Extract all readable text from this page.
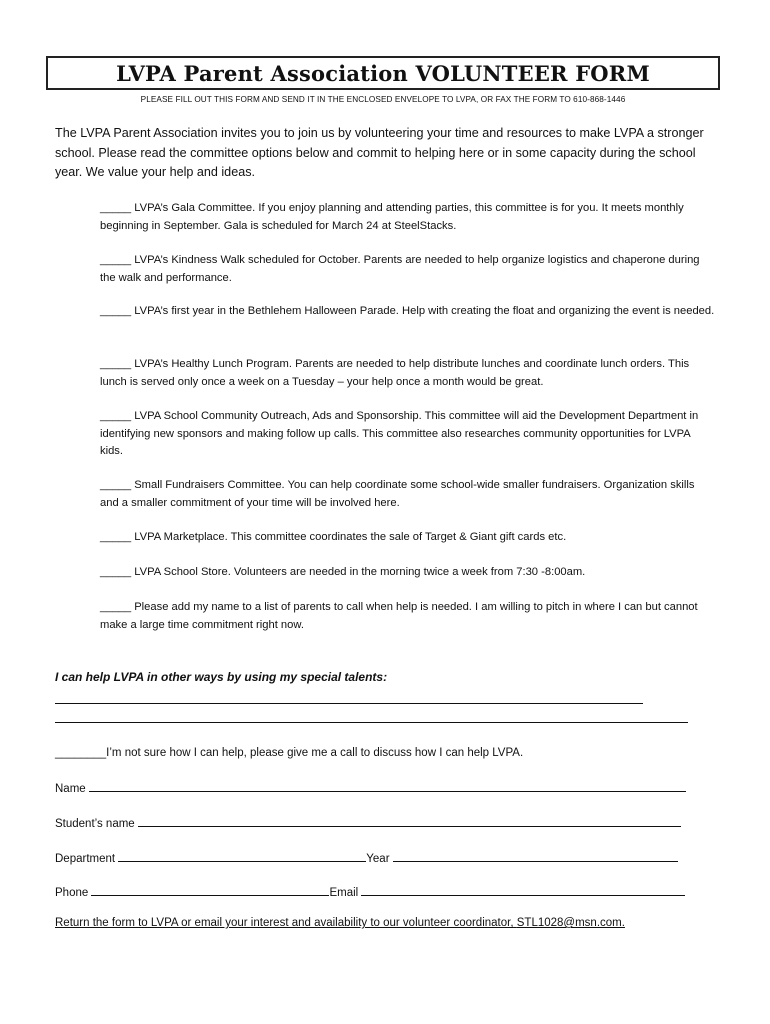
LVPA Parent Association VOLUNTEER FORM
PLEASE FILL OUT THIS FORM AND SEND IT IN THE ENCLOSED ENVELOPE TO LVPA, OR FAX THE FORM TO 610-868-1446

The LVPA Parent Association invites you to join us by volunteering your time and resources to make LVPA a stronger school. Please read the committee options below and commit to helping here or in some capacity during the school year. We value your help and ideas.

_____ LVPA’s Gala Committee. If you enjoy planning and attending parties, this committee is for you. It meets monthly beginning in September. Gala is scheduled for March 24 at SteelStacks.
_____ LVPA’s Kindness Walk scheduled for October. Parents are needed to help organize logistics and chaperone during the walk and performance.
_____ LVPA’s first year in the Bethlehem Halloween Parade. Help with creating the float and organizing the event is needed.
_____ LVPA’s Healthy Lunch Program. Parents are needed to help distribute lunches and coordinate lunch orders. This lunch is served only once a week on a Tuesday – your help once a month would be great.
_____ LVPA School Community Outreach, Ads and Sponsorship. This committee will aid the Development Department in identifying new sponsors and making follow up calls. This committee also researches community opportunities for LVPA kids.
_____ Small Fundraisers Committee. You can help coordinate some school-wide smaller fundraisers. Organization skills and a smaller commitment of your time will be involved here.
_____ LVPA Marketplace. This committee coordinates the sale of Target & Giant gift cards etc.
_____ LVPA School Store. Volunteers are needed in the morning twice a week from 7:30 -8:00am.
_____ Please add my name to a list of parents to call when help is needed. I am willing to pitch in where I can but cannot make a large time commitment right now.
I can help LVPA in other ways by using my special talents:
________I’m not sure how I can help, please give me a call to discuss how I can help LVPA.
Name
Student’s name
Department	Year
Phone	Email
Return the form to LVPA or email your interest and availability to our volunteer coordinator, STL1028@msn.com.
